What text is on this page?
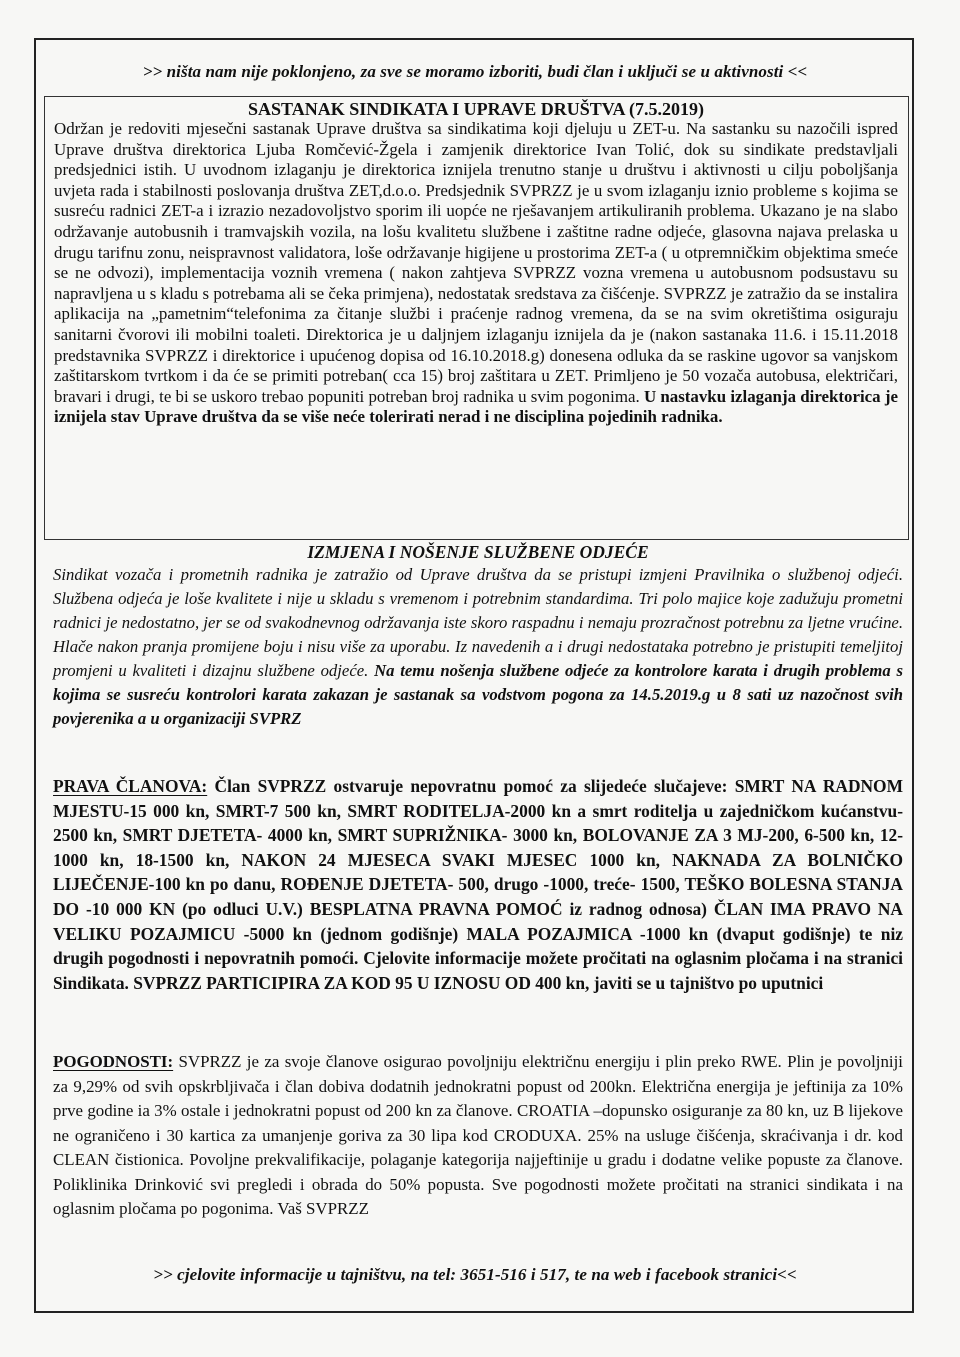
>> ništa nam nije poklonjeno, za sve se moramo izboriti, budi član i uključi se u aktivnosti <<
SASTANAK SINDIKATA I UPRAVE DRUŠTVA (7.5.2019)

Održan je redoviti mjesečni sastanak Uprave društva sa sindikatima koji djeluju u ZET-u. Na sastanku su nazočili ispred Uprave društva direktorica Ljuba Romčević-Žgela i zamjenik direktorice Ivan Tolić, dok su sindikate predstavljali predsjednici istih. U uvodnom izlaganju je direktorica iznijela trenutno stanje u društvu i aktivnosti u cilju poboljšanja uvjeta rada i stabilnosti poslovanja društva ZET,d.o.o. Predsjednik SVPRZZ je u svom izlaganju iznio probleme s kojima se susreću radnici ZET-a i izrazio nezadovoljstvo sporim ili uopće ne rješavanjem artikuliranih problema. Ukazano je na slabo održavanje autobusnih i tramvajskih vozila, na lošu kvalitetu službene i zaštitne radne odjeće, glasovna najava prelaska u drugu tarifnu zonu, neispravnost validatora, loše održavanje higijene u prostorima ZET-a ( u otpremničkim objektima smeće se ne odvozi), implementacija voznih vremena ( nakon zahtjeva SVPRZZ vozna vremena u autobusnom podsustavu su napravljena u s kladu s potrebama ali se čeka primjena), nedostatak sredstava za čišćenje. SVPRZZ je zatražio da se instalira aplikacija na „pametnim“telefonima za čitanje službi i praćenje radnog vremena, da se na svim okretištima osiguraju sanitarni čvorovi ili mobilni toaleti. Direktorica je u daljnjem izlaganju iznijela da je (nakon sastanaka 11.6. i 15.11.2018 predstavnika SVPRZZ i direktorice i upućenog dopisa od 16.10.2018.g) donesena odluka da se raskine ugovor sa vanjskom zaštitarskom tvrtkom i da će se primiti potreban( cca 15) broj zaštitara u ZET. Primljeno je 50 vozača autobusa, električari, bravari i drugi, te bi se uskoro trebao popuniti potreban broj radnika u svim pogonima. U nastavku izlaganja direktorica je iznijela stav Uprave društva da se više neće tolerirati nerad i ne disciplina pojedinih radnika.

IZMJENA I NOŠENJE SLUŽBENE ODJEĆE

Sindikat vozača i prometnih radnika je zatražio od Uprave društva da se pristupi izmjeni Pravilnika o službenoj odjeći. Službena odjeća je loše kvalitete i nije u skladu s vremenom i potrebnim standardima. Tri polo majice koje zadužuju prometni radnici je nedostatno, jer se od svakodnevnog održavanja iste skoro raspadnu i nemaju prozračnost potrebnu za ljetne vrućine. Hlače nakon pranja promijene boju i nisu više za uporabu. Iz navedenih a i drugi nedostataka potrebno je pristupiti temeljitoj promjeni u kvaliteti i dizajnu službene odjeće. Na temu nošenja službene odjeće za kontrolore karata i drugih problema s kojima se susreću kontrolori karata zakazan je sastanak sa vodstvom pogona za 14.5.2019.g u 8 sati uz nazočnost svih povjerenika a u organizaciji SVPRZ

PRAVA ČLANOVA: Član SVPRZZ ostvaruje nepovratnu pomoć za slijedeće slučajeve: SMRT NA RADNOM MJESTU-15 000 kn, SMRT-7 500 kn, SMRT RODITELJA-2000 kn a smrt roditelja u zajedničkom kućanstvu-2500 kn, SMRT DJETETA- 4000 kn, SMRT SUPRIŽNIKA- 3000 kn, BOLOVANJE ZA 3 MJ-200, 6-500 kn, 12-1000 kn, 18-1500 kn, NAKON 24 MJESECA SVAKI MJESEC 1000 kn, NAKNADA ZA BOLNIČKO LIJEČENJE-100 kn po danu, ROĐENJE DJETETA- 500, drugo -1000, treće- 1500, TEŠKO BOLESNA STANJA DO -10 000 KN (po odluci U.V.) BESPLATNA PRAVNA POMOĆ iz radnog odnosa) ČLAN IMA PRAVO NA VELIKU POZAJMICU -5000 kn (jednom godišnje) MALA POZAJMICA -1000 kn (dvaput godišnje) te niz drugih pogodnosti i nepovratnih pomoći. Cjelovite informacije možete pročitati na oglasnim pločama i na stranici Sindikata. SVPRZZ PARTICIPIRA ZA KOD 95 U IZNOSU OD 400 kn, javiti se u tajništvo po uputnici

POGODNOSTI: SVPRZZ je za svoje članove osigurao povoljniju električnu energiju i plin preko RWE. Plin je povoljniji za 9,29% od svih opskrbljivača i član dobiva dodatnih jednokratni popust od 200kn. Električna energija je jeftinija za 10% prve godine ia 3% ostale i jednokratni popust od 200 kn za članove. CROATIA –dopunsko osiguranje za 80 kn, uz B lijekove ne ograničeno i 30 kartica za umanjenje goriva za 30 lipa kod CRODUXA. 25% na usluge čišćenja, skraćivanja i dr. kod CLEAN čistionica. Povoljne prekvalifikacije, polaganje kategorija najjeftinije u gradu i dodatne velike popuste za članove. Poliklinika Drinković svi pregledi i obrada do 50% popusta. Sve pogodnosti možete pročitati na stranici sindikata i na oglasnim pločama po pogonima. Vaš SVPRZZ

>> cjelovite informacije u tajništvu, na tel: 3651-516 i 517, te na web i facebook stranici<<
